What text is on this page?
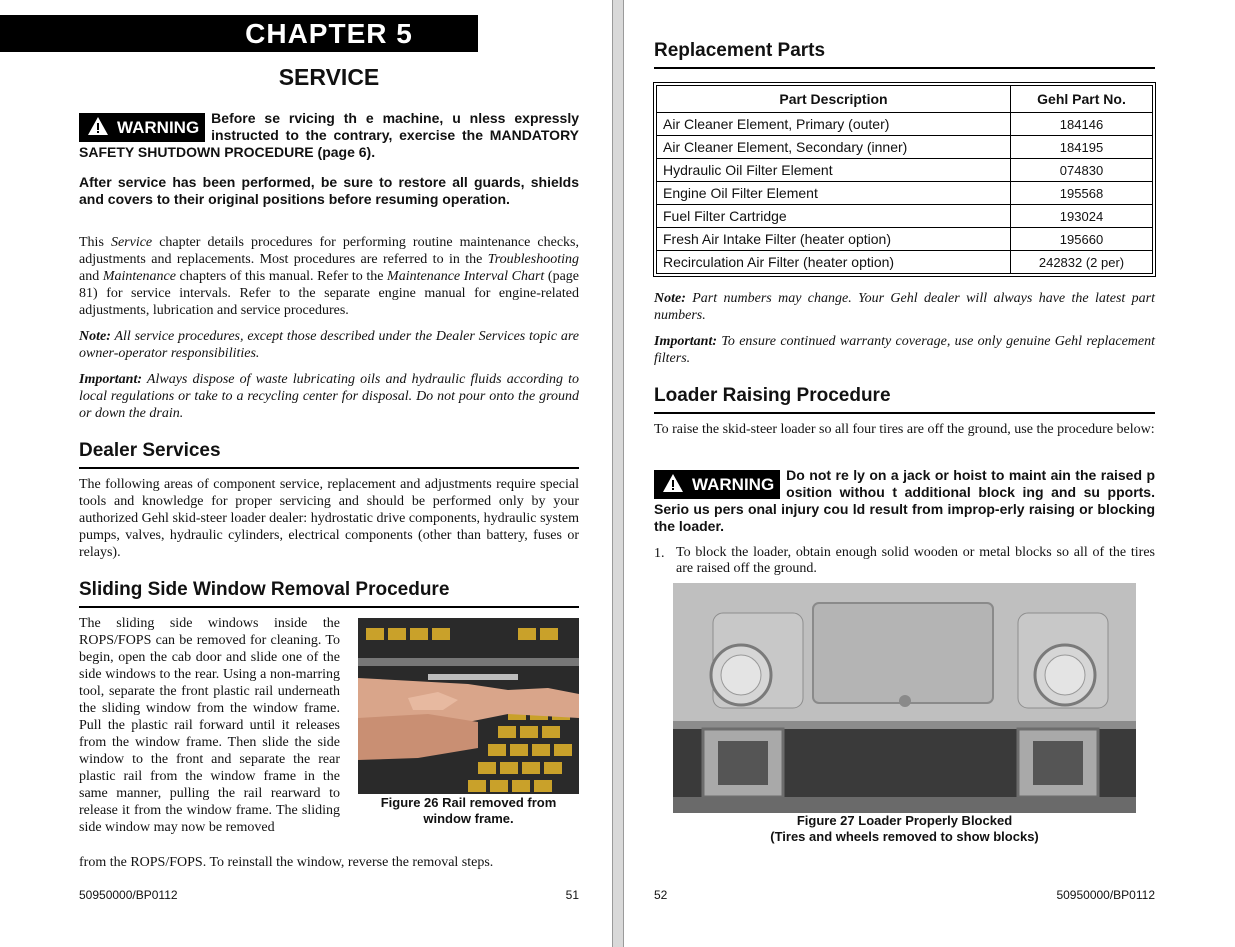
CHAPTER 5
SERVICE
WARNING Before se rvicing th e machine, u nless expressly instructed to the contrary, exercise the MANDATORY SAFETY SHUTDOWN PROCEDURE (page 6).
After service has been performed, be sure to restore all guards, shields and covers to their original positions before resuming operation.
This Service chapter details procedures for performing routine maintenance checks, adjustments and replacements. Most procedures are referred to in the Troubleshooting and Maintenance chapters of this manual. Refer to the Maintenance Interval Chart (page 81) for service intervals. Refer to the separate engine manual for engine-related adjustments, lubrication and service procedures.
Note: All service procedures, except those described under the Dealer Services topic are owner-operator responsibilities.
Important: Always dispose of waste lubricating oils and hydraulic fluids according to local regulations or take to a recycling center for disposal. Do not pour onto the ground or down the drain.
Dealer Services
The following areas of component service, replacement and adjustments require special tools and knowledge for proper servicing and should be performed only by your authorized Gehl skid-steer loader dealer: hydrostatic drive components, hydraulic system pumps, valves, hydraulic cylinders, electrical components (other than battery, fuses or relays).
Sliding Side Window Removal Procedure
The sliding side windows inside the ROPS/FOPS can be removed for cleaning. To begin, open the cab door and slide one of the side windows to the rear. Using a non-marring tool, separate the front plastic rail underneath the sliding window from the window frame. Pull the plastic rail forward until it releases from the window frame. Then slide the side window to the front and separate the rear plastic rail from the window frame in the same manner, pulling the rail rearward to release it from the window frame. The sliding side window may now be removed
from the ROPS/FOPS. To reinstall the window, reverse the removal steps.
Figure 26 Rail removed from
window frame.
50950000/BP0112	51
Replacement Parts
Part Description	Gehl Part No.
Air Cleaner Element, Primary (outer)	184146
Air Cleaner Element, Secondary (inner)	184195
Hydraulic Oil Filter Element	074830
Engine Oil Filter Element	195568
Fuel Filter Cartridge	193024
Fresh Air Intake Filter (heater option)	195660
Recirculation Air Filter (heater option)	242832 (2 per)
Note: Part numbers may change. Your Gehl dealer will always have the latest part numbers.
Important: To ensure continued warranty coverage, use only genuine Gehl replacement filters.
Loader Raising Procedure
To raise the skid-steer loader so all four tires are off the ground, use the procedure below:
WARNING Do not re ly on a jack or hoist to maint ain the raised p osition withou t additional block ing and su pports. Serio us pers onal injury cou ld result from improp-erly raising or blocking the loader.
1. To block the loader, obtain enough solid wooden or metal blocks so all of the tires are raised off the ground.
Figure 27 Loader Properly Blocked
(Tires and wheels removed to show blocks)
52	50950000/BP0112
